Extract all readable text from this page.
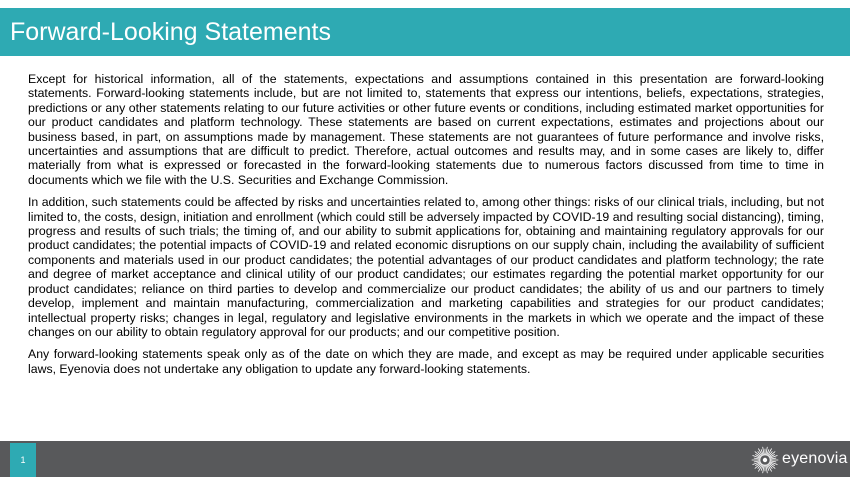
Forward-Looking Statements

Except for historical information, all of the statements, expectations and assumptions contained in this presentation are forward-looking statements. Forward-looking statements include, but are not limited to, statements that express our intentions, beliefs, expectations, strategies, predictions or any other statements relating to our future activities or other future events or conditions, including estimated market opportunities for our product candidates and platform technology. These statements are based on current expectations, estimates and projections about our business based, in part, on assumptions made by management. These statements are not guarantees of future performance and involve risks, uncertainties and assumptions that are difficult to predict. Therefore, actual outcomes and results may, and in some cases are likely to, differ materially from what is expressed or forecasted in the forward-looking statements due to numerous factors discussed from time to time in documents which we file with the U.S. Securities and Exchange Commission.

In addition, such statements could be affected by risks and uncertainties related to, among other things: risks of our clinical trials, including, but not limited to, the costs, design, initiation and enrollment (which could still be adversely impacted by COVID-19 and resulting social distancing), timing, progress and results of such trials; the timing of, and our ability to submit applications for, obtaining and maintaining regulatory approvals for our product candidates; the potential impacts of COVID-19 and related economic disruptions on our supply chain, including the availability of sufficient components and materials used in our product candidates; the potential advantages of our product candidates and platform technology; the rate and degree of market acceptance and clinical utility of our product candidates; our estimates regarding the potential market opportunity for our product candidates; reliance on third parties to develop and commercialize our product candidates; the ability of us and our partners to timely develop, implement and maintain manufacturing, commercialization and marketing capabilities and strategies for our product candidates; intellectual property risks; changes in legal, regulatory and legislative environments in the markets in which we operate and the impact of these changes on our ability to obtain regulatory approval for our products; and our competitive position.

Any forward-looking statements speak only as of the date on which they are made, and except as may be required under applicable securities laws, Eyenovia does not undertake any obligation to update any forward-looking statements.

1	eyenovia
